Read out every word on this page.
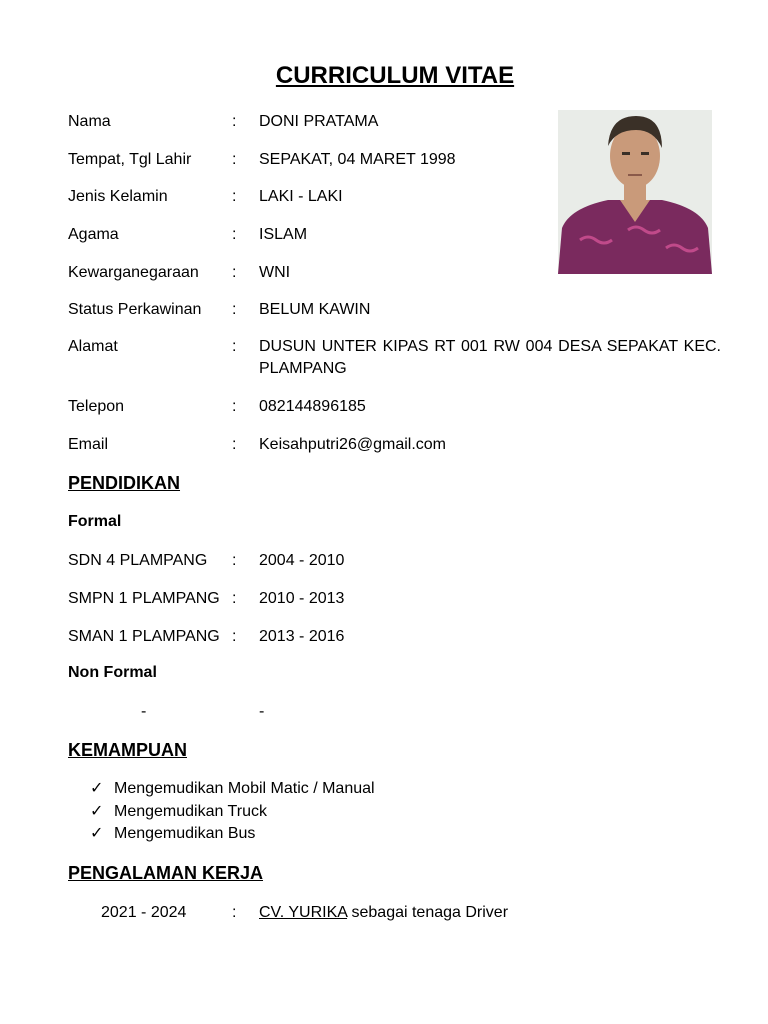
CURRICULUM VITAE
Nama	: DONI PRATAMA
Tempat, Tgl Lahir	: SEPAKAT, 04 MARET 1998
Jenis Kelamin	: LAKI - LAKI
Agama	: ISLAM
Kewarganegaraan : WNI
Status Perkawinan : BELUM KAWIN
Alamat	: DUSUN UNTER KIPAS RT 001 RW 004 DESA SEPAKAT KEC. PLAMPANG
Telepon	: 082144896185
Email	: Keisahputri26@gmail.com
PENDIDIKAN
Formal
SDN 4 PLAMPANG : 2004 - 2010
SMPN 1 PLAMPANG : 2010 - 2013
SMAN 1 PLAMPANG : 2013 - 2016
Non Formal
-	-
KEMAMPUAN
✓ Mengemudikan Mobil Matic / Manual
✓ Mengemudikan Truck
✓ Mengemudikan Bus
PENGALAMAN KERJA
2021 - 2024	: CV. YURIKA sebagai tenaga Driver
